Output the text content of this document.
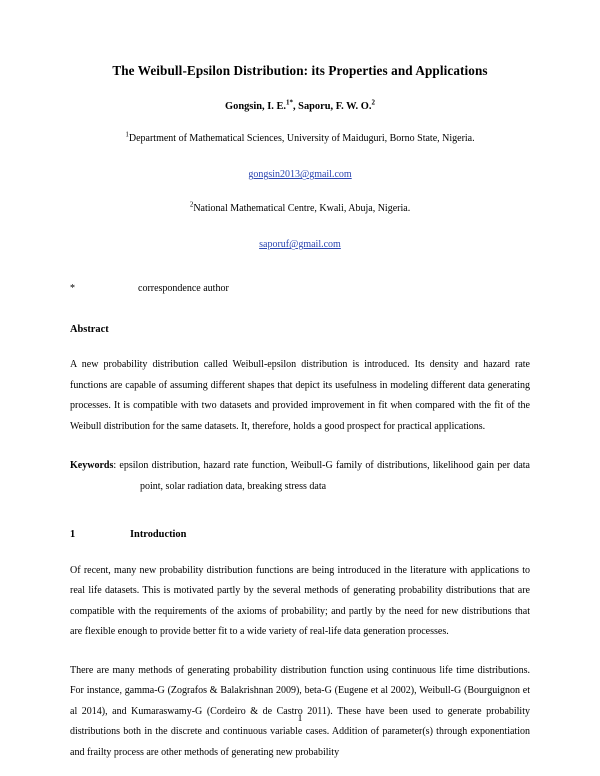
The Weibull-Epsilon Distribution: its Properties and Applications

Gongsin, I. E.$^{1*}$, Saporu, F. W. O.$^2$

$^1$Department of Mathematical Sciences, University of Maiduguri, Borno State, Nigeria.

gongsin2013@gmail.com

$^2$National Mathematical Centre, Kwali, Abuja, Nigeria.

saporuf@gmail.com

*	correspondence author

Abstract

A new probability distribution called Weibull-epsilon distribution is introduced. Its density and hazard rate functions are capable of assuming different shapes that depict its usefulness in modeling different data generating processes. It is compatible with two datasets and provided improvement in fit when compared with the fit of the Weibull distribution for the same datasets. It, therefore, holds a good prospect for practical applications.

Keywords: epsilon distribution, hazard rate function, Weibull-G family of distributions, likelihood gain per data point, solar radiation data, breaking stress data

1	Introduction

Of recent, many new probability distribution functions are being introduced in the literature with applications to real life datasets. This is motivated partly by the several methods of generating probability distributions that are compatible with the requirements of the axioms of probability; and partly by the need for new distributions that are flexible enough to provide better fit to a wide variety of real-life data generation processes.

There are many methods of generating probability distribution function using continuous life time distributions. For instance, gamma-G (Zografos & Balakrishnan 2009), beta-G (Eugene et al 2002), Weibull-G (Bourguignon et al 2014), and Kumaraswamy-G (Cordeiro & de Castro 2011). These have been used to generate probability distributions both in the discrete and continuous variable cases. Addition of parameter(s) through exponentiation and frailty process are other methods of generating new probability

1
